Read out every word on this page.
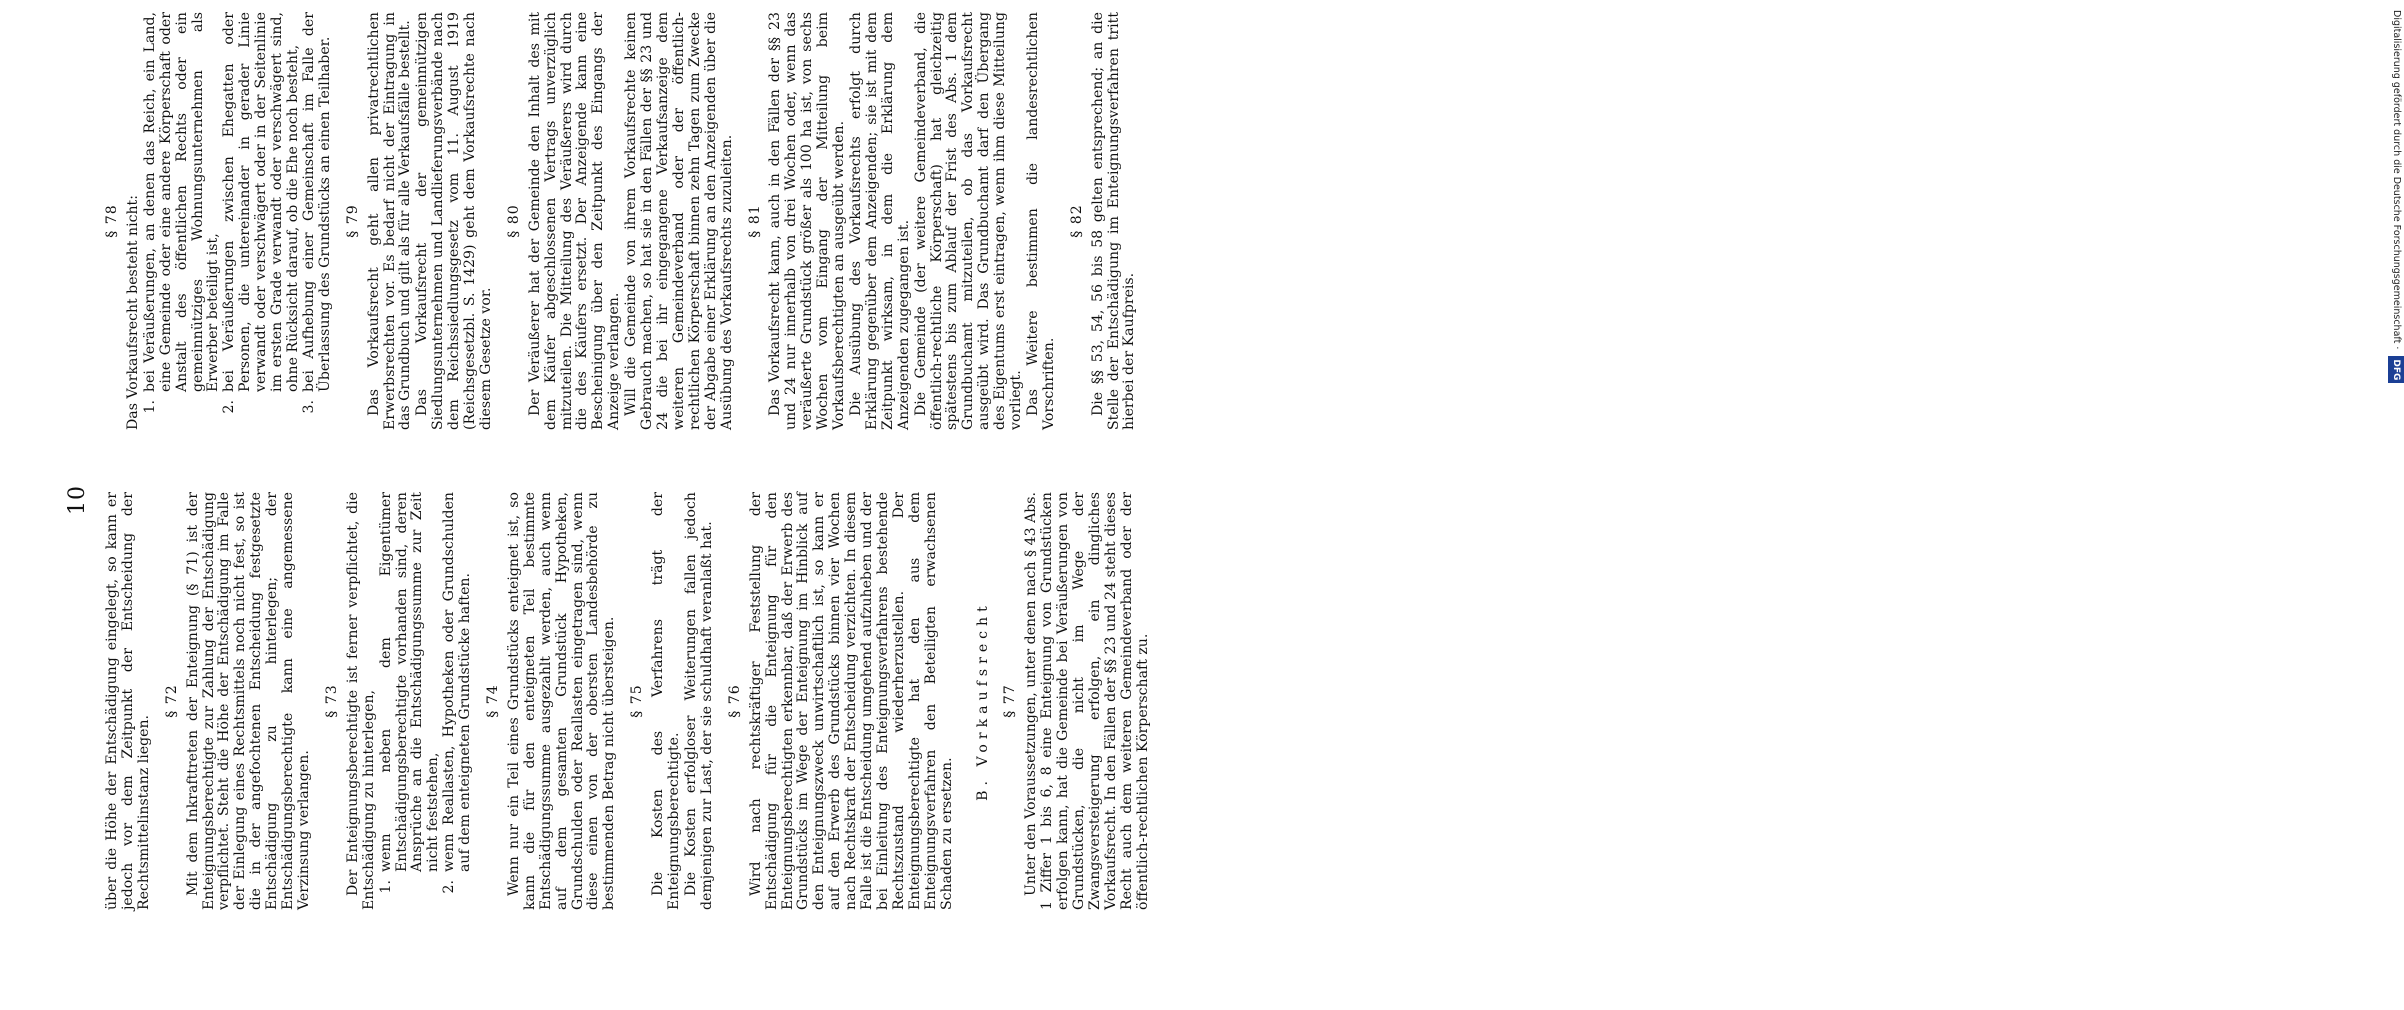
10 über die Höhe der Entschädigung eingelegt, so kann er jedoch vor dem Zeitpunkt der Entscheidung der Rechtsmittelinstanz liegen.

§ 72 Mit dem Inkrafttreten der Enteignung (§ 71) ist der Enteignungsberechtigte zur Zahlung der Entschädigung verpflichtet. Steht die Höhe der Entschädigung im Falle der Einlegung eines Rechtsmittels noch nicht fest, so ist die in der angefochtenen Entscheidung festgesetzte Entschädigung zu hinterlegen; der Entschädigungsberechtigte kann eine angemessene Verzinsung verlangen.

§ 73 Der Enteignungsberechtigte ist ferner verpflichtet, die Entschädigung zu hinterlegen, 1.
wenn neben dem Eigentümer Entschädigungsberechtigte vorhanden sind, deren Ansprüche an die Entschädigungssumme zur Zeit nicht feststehen,
2.
wenn Reallasten, Hypotheken oder Grundschulden auf dem enteigneten Grundstücke haften. § 74 Wenn nur ein Teil eines Grundstücks enteignet ist, so kann die für den enteigneten Teil bestimmte Entschädigungssumme ausgezahlt werden, auch wenn auf dem gesamten Grundstück Hypotheken, Grundschulden oder Reallasten eingetragen sind, wenn diese einen von der obersten Landesbehörde zu bestimmenden Betrag nicht übersteigen. § 75 Die Kosten des Verfahrens trägt der Enteignungsberechtigte. Die Kosten erfolgloser Weiterungen fallen jedoch demjenigen zur Last, der sie schuldhaft veranlaßt hat. § 76 Wird nach rechtskräftiger Feststellung der Entschädigung für die Enteignung für den Enteignungsberechtigten erkennbar, daß der Erwerb des Grundstücks im Wege der Enteignung im Hinblick auf den Enteignungszweck unwirtschaftlich ist, so kann er auf den Erwerb des Grundstücks binnen vier Wochen nach Rechtskraft der Entscheidung verzichten. In diesem Falle ist die Entscheidung umgehend aufzuheben und der bei Einleitung des Enteignungsverfahrens bestehende Rechtszustand wiederherzustellen. Der Enteignungsberechtigte hat den aus dem Enteignungsverfahren den Beteiligten erwachsenen Schaden zu ersetzen.

B. Vorkaufsrecht § 77 Unter den Voraussetzungen, unter denen nach § 43 Abs. 1 Ziffer 1 bis 6, 8 eine Enteignung von Grundstücken erfolgen kann, hat die Gemeinde bei Veräußerungen von Grundstücken, die nicht im Wege der Zwangsversteigerung erfolgen, ein dingliches Vorkaufsrecht. In den Fällen der §§ 23 und 24 steht dieses Recht auch dem weiteren Gemeindeverband oder der öffentlich-rechtlichen Körperschaft zu.

§ 78 Das Vorkaufsrecht besteht nicht: 1.
bei Veräußerungen, an denen das Reich, ein Land, eine Gemeinde oder eine andere Körperschaft oder Anstalt des öffentlichen Rechts oder ein gemeinnütziges Wohnungsunternehmen als Erwerber beteiligt ist,
2.
bei Veräußerungen zwischen Ehegatten oder Personen, die untereinander in gerader Linie verwandt oder verschwägert oder in der Seitenlinie im ersten Grade verwandt oder verschwägert sind, ohne Rücksicht darauf, ob die Ehe noch besteht,
3.
bei Aufhebung einer Gemeinschaft im Falle der Überlassung des Grundstücks an einen Teilhaber. § 79 Das Vorkaufsrecht geht allen privatrechtlichen Erwerbsrechten vor. Es bedarf nicht der Eintragung in das Grundbuch und gilt als für alle Verkaufsfälle bestellt. Das Vorkaufsrecht der gemeinnützigen Siedlungsunternehmen und Landlieferungsverbände nach dem Reichssiedlungsgesetz vom 11. August 1919 (Reichsgesetzbl. S. 1429) geht dem Vorkaufsrechte nach diesem Gesetze vor.

§ 80 Der Veräußerer hat der Gemeinde den Inhalt des mit dem Käufer abgeschlossenen Vertrags unverzüglich mitzuteilen. Die Mitteilung des Veräußerers wird durch die des Käufers ersetzt. Der Anzeigende kann eine Bescheinigung über den Zeitpunkt des Eingangs der Anzeige verlangen. Will die Gemeinde von ihrem Vorkaufsrechte keinen Gebrauch machen, so hat sie in den Fällen der §§ 23 und 24 die bei ihr eingegangene Verkaufsanzeige dem weiteren Gemeindeverband oder der öffentlich-rechtlichen Körperschaft binnen zehn Tagen zum Zwecke der Abgabe einer Erklärung an den Anzeigenden über die Ausübung des Vorkaufsrechts zuzuleiten. § 81 Das Vorkaufsrecht kann, auch in den Fällen der §§ 23 und 24 nur innerhalb von drei Wochen oder, wenn das veräußerte Grundstück größer als 100 ha ist, von sechs Wochen vom Eingang der Mitteilung beim Vorkaufsberechtigten an ausgeübt werden. Die Ausübung des Vorkaufsrechts erfolgt durch Erklärung gegenüber dem Anzeigenden; sie ist mit dem Zeitpunkt wirksam, in dem die Erklärung dem Anzeigenden zugegangen ist. Die Gemeinde (der weitere Gemeindeverband, die öffentlich-rechtliche Körperschaft) hat gleichzeitig spätestens bis zum Ablauf der Frist des Abs. 1 dem Grundbuchamt mitzuteilen, ob das Vorkaufsrecht ausgeübt wird. Das Grundbuchamt darf den Übergang des Eigentums erst eintragen, wenn ihm diese Mitteilung vorliegt. Das Weitere bestimmen die landesrechtlichen Vorschriften.

§ 82 Die §§ 53, 54, 56 bis 58 gelten entsprechend; an die Stelle der Entschädigung im Enteignungsverfahren tritt hierbei der Kaufpreis.	Digitalisierung gefördert durch die Deutsche Forschungsgemeinschaft · DFG
